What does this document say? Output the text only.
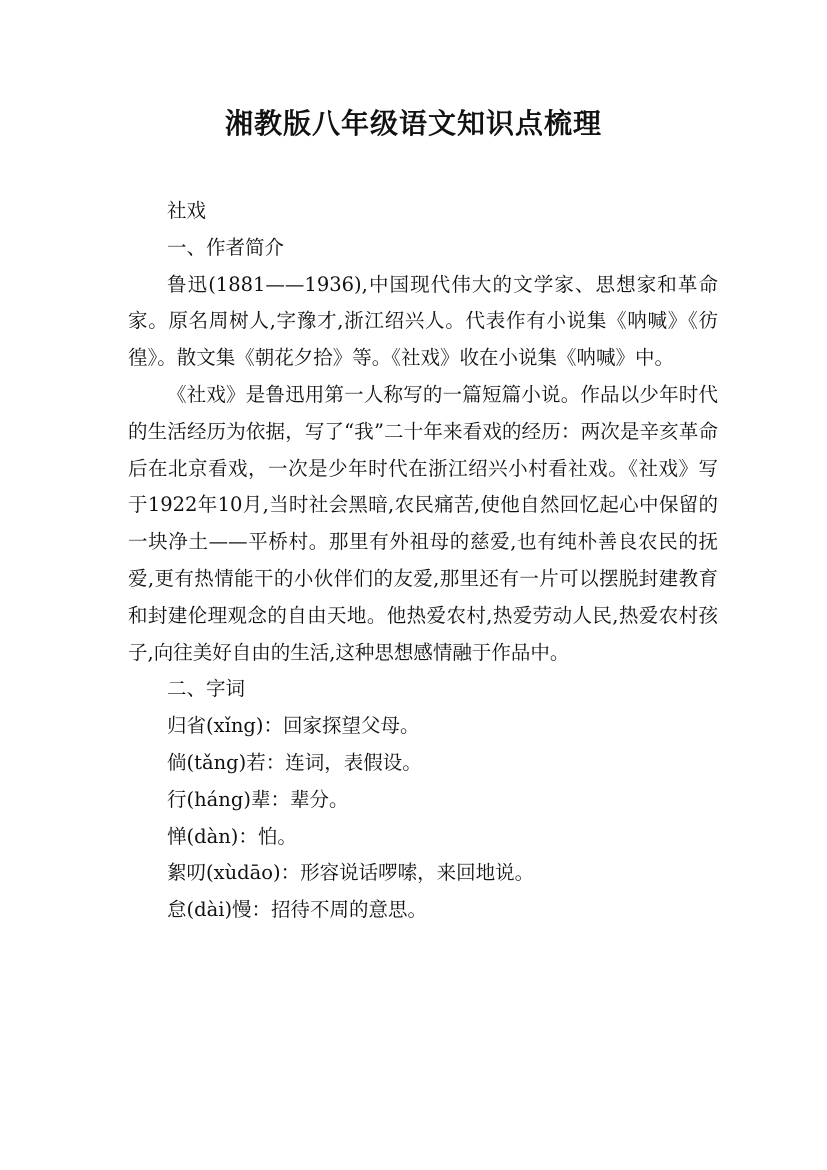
湘教版八年级语文知识点梳理

社戏

一、作者简介

鲁迅(1881——1936),中国现代伟大的文学家、思想家和革命家。原名周树人,字豫才,浙江绍兴人。代表作有小说集《呐喊》《彷徨》。散文集《朝花夕拾》等。《社戏》收在小说集《呐喊》中。

《社戏》是鲁迅用第一人称写的一篇短篇小说。作品以少年时代的生活经历为依据，写了“我”二十年来看戏的经历：两次是辛亥革命后在北京看戏，一次是少年时代在浙江绍兴小村看社戏。《社戏》写于1922年10月,当时社会黑暗,农民痛苦,使他自然回忆起心中保留的一块净土——平桥村。那里有外祖母的慈爱,也有纯朴善良农民的抚爱,更有热情能干的小伙伴们的友爱,那里还有一片可以摆脱封建教育和封建伦理观念的自由天地。他热爱农村,热爱劳动人民,热爱农村孩子,向往美好自由的生活,这种思想感情融于作品中。

二、字词

归省(xǐng)：回家探望父母。

倘(tǎng)若：连词，表假设。

行(háng)辈：辈分。

惮(dàn)：怕。

絮叨(xùdāo)：形容说话啰嗦，来回地说。

怠(dài)慢：招待不周的意思。
